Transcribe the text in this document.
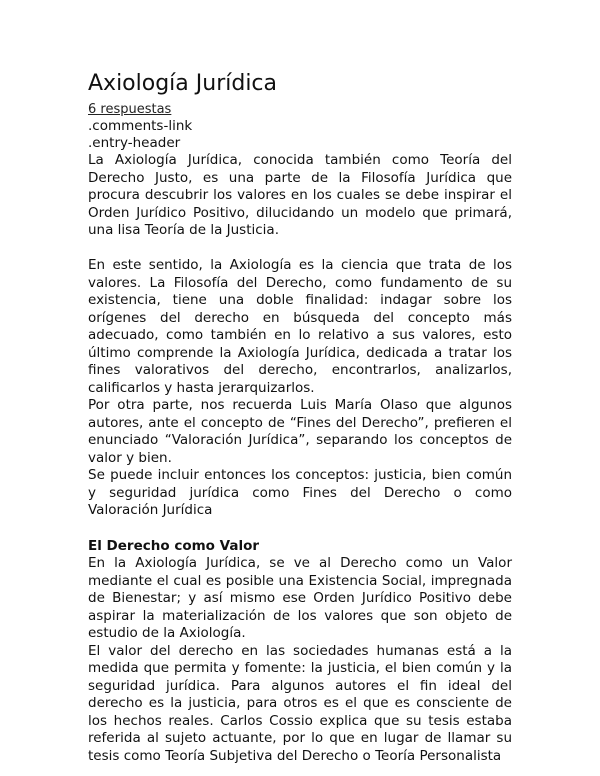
Axiología Jurídica
6 respuestas

.comments-link

.entry-header

La Axiología Jurídica, conocida también como Teoría del Derecho Justo, es una parte de la Filosofía Jurídica que procura descubrir los valores en los cuales se debe inspirar el Orden Jurídico Positivo, dilucidando un modelo que primará, una lisa Teoría de la Justicia.

En este sentido, la Axiología es la ciencia que trata de los valores. La Filosofía del Derecho, como fundamento de su existencia, tiene una doble finalidad: indagar sobre los orígenes del derecho en búsqueda del concepto más adecuado, como también en lo relativo a sus valores, esto último comprende la Axiología Jurídica, dedicada a tratar los fines valorativos del derecho, encontrarlos, analizarlos, calificarlos y hasta jerarquizarlos.

Por otra parte, nos recuerda Luis María Olaso que algunos autores, ante el concepto de “Fines del Derecho”, prefieren el enunciado “Valoración Jurídica”, separando los conceptos de valor y bien.

Se puede incluir entonces los conceptos: justicia, bien común y seguridad jurídica como Fines del Derecho o como Valoración Jurídica

El Derecho como Valor

En la Axiología Jurídica, se ve al Derecho como un Valor mediante el cual es posible una Existencia Social, impregnada de Bienestar; y así mismo ese Orden Jurídico Positivo debe aspirar la materialización de los valores que son objeto de estudio de la Axiología.

El valor del derecho en las sociedades humanas está a la medida que permita y fomente: la justicia, el bien común y la seguridad jurídica. Para algunos autores el fin ideal del derecho es la justicia, para otros es el que es consciente de los hechos reales. Carlos Cossio explica que su tesis estaba referida al sujeto actuante, por lo que en lugar de llamar su tesis como Teoría Subjetiva del Derecho o Teoría Personalista
